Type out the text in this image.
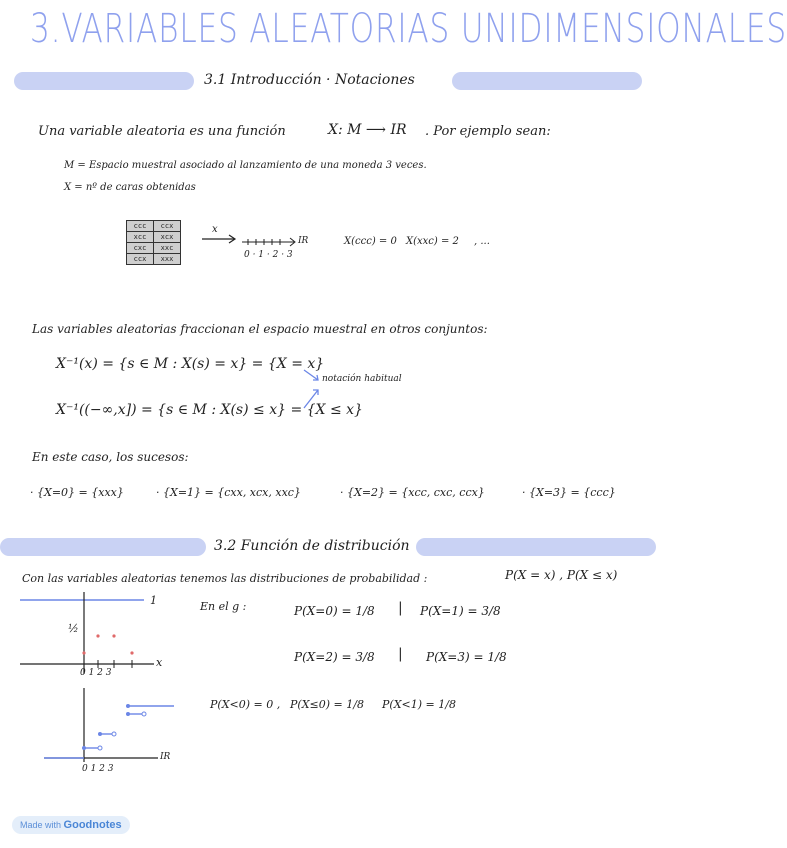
3.VARIABLES ALEATORIAS UNIDIMENSIONALES
3.1 Introducción · Notaciones
Una variable aleatoria es una función	X: M ⟶ IR . Por ejemplo sean:
M = Espacio muestral asociado al lanzamiento de una moneda 3 veces.
X = nº de caras obtenidas
ccc	ccx
xcc	xcx
cxc	xxc
ccx	xxx
x
0 · 1 · 2 · 3
IR	X(ccc) = 0 X(xxc) = 2 , ...
Las variables aleatorias fraccionan el espacio muestral en otros conjuntos:
X⁻¹(x) = {s ∈ M : X(s) = x} = {X = x}
X⁻¹((−∞,x]) = {s ∈ M : X(s) ≤ x} = {X ≤ x}
notación habitual
En este caso, los sucesos:
· {X=0} = {xxx}	· {X=1} = {cxx, xcx, xxc}	· {X=2} = {xcc, cxc, ccx}	· {X=3} = {ccc}
3.2 Función de distribución
Con las variables aleatorias tenemos las distribuciones de probabilidad :	P(X = x) , P(X ≤ x)
1
½
x
0 1 2 3
En el g :	P(X=0) = 1/8 | P(X=1) = 3/8
P(X=2) = 3/8 | P(X=3) = 1/8
0 1 2 3
IR
P(X<0) = 0 , P(X≤0) = 1/8 P(X<1) = 1/8
Made with Goodnotes
